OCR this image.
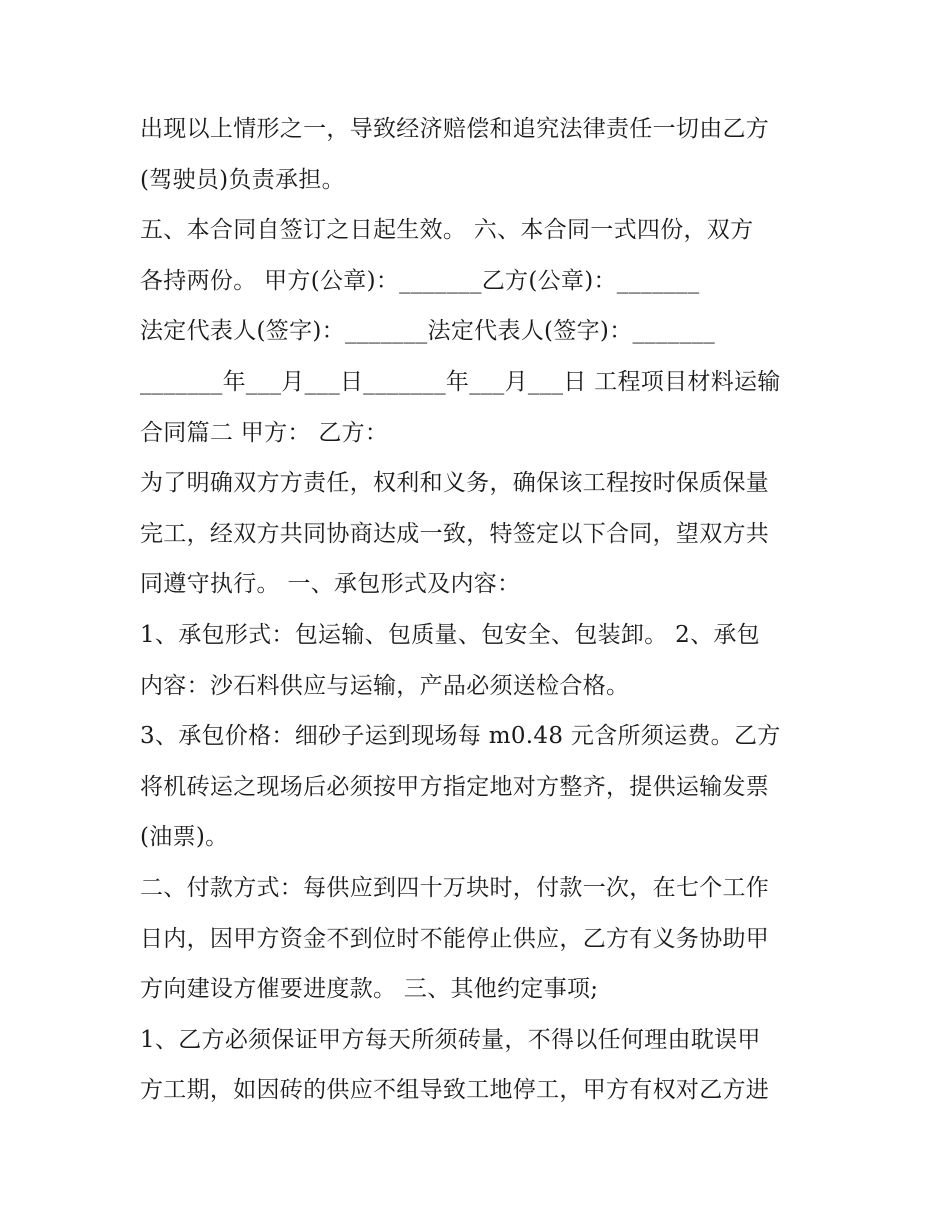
出现以上情形之一，导致经济赔偿和追究法律责任一切由乙方
(驾驶员)负责承担。
五、本合同自签订之日起生效。 六、本合同一式四份，双方
各持两份。 甲方(公章)：_______乙方(公章)：_______
法定代表人(签字)：_______法定代表人(签字)：_______
_______年___月___日_______年___月___日 工程项目材料运输
合同篇二 甲方： 乙方：
为了明确双方方责任，权利和义务，确保该工程按时保质保量
完工，经双方共同协商达成一致，特签定以下合同，望双方共
同遵守执行。 一、承包形式及内容：
1、承包形式：包运输、包质量、包安全、包装卸。 2、承包
内容：沙石料供应与运输，产品必须送检合格。
3、承包价格：细砂子运到现场每 m0.48 元含所须运费。乙方
将机砖运之现场后必须按甲方指定地对方整齐，提供运输发票
(油票)。
二、付款方式：每供应到四十万块时，付款一次，在七个工作
日内，因甲方资金不到位时不能停止供应，乙方有义务协助甲
方向建设方催要进度款。 三、其他约定事项;
1、乙方必须保证甲方每天所须砖量，不得以任何理由耽误甲
方工期，如因砖的供应不组导致工地停工，甲方有权对乙方进
